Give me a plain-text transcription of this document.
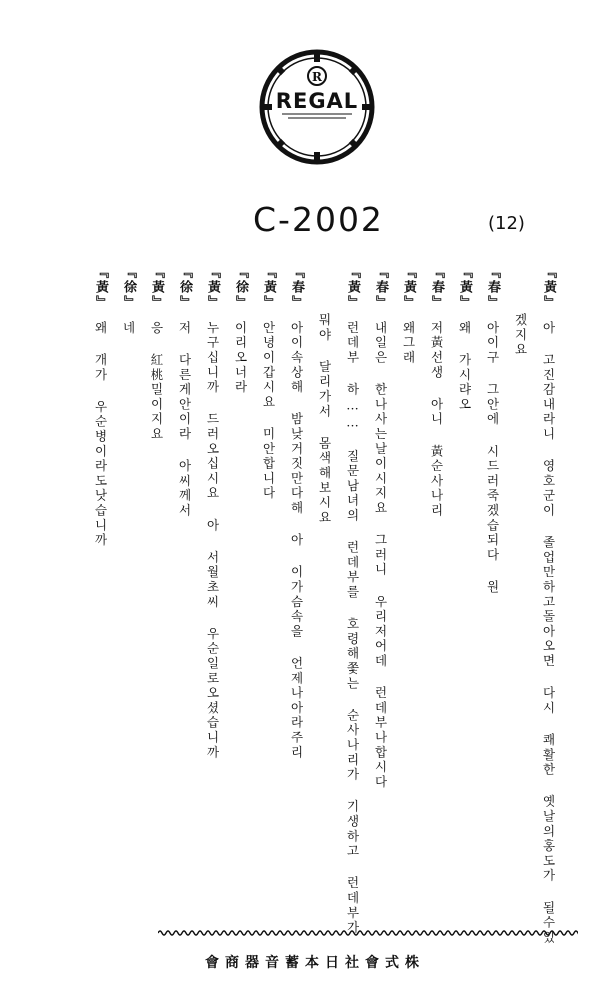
R
REGAL
C-2002	(12)
『黃』아 고진감내라니 영호군이 졸업만하고돌아오면 다시 쾌활한 옛날의홍도가 될수있
겠지요
『春』아이구 그안에 시드러죽겠습되다 원
『黃』왜 가시랴오
『春』저黃선생 아니 黃순사나리
『黃』왜그래
『春』내일은 한나사는날이시지요 그러니 우리저어데 런데부나합시다
『黃』런데부 하…… 질문남녀의 런데부를 호령해쫓는 순사나리가 기생하고 런데부가
뭐야 달리가서 몸색해보시요
『春』아이속상해 밤낮거짓만다해 아 이가슴속을 언제나아라주리
『黃』안녕이갑시요 미안합니다
『徐』이리오너라
『黃』누구십니까 드러오십시요 아 서월초씨 우순일로오셨습니까
『徐』저 다른게안이라 아씨께서
『黃』응 紅桃밀이지요
『徐』네
『黃』왜 개가 우순병이라도낫습니까
會商器音蓄本日社會式株
